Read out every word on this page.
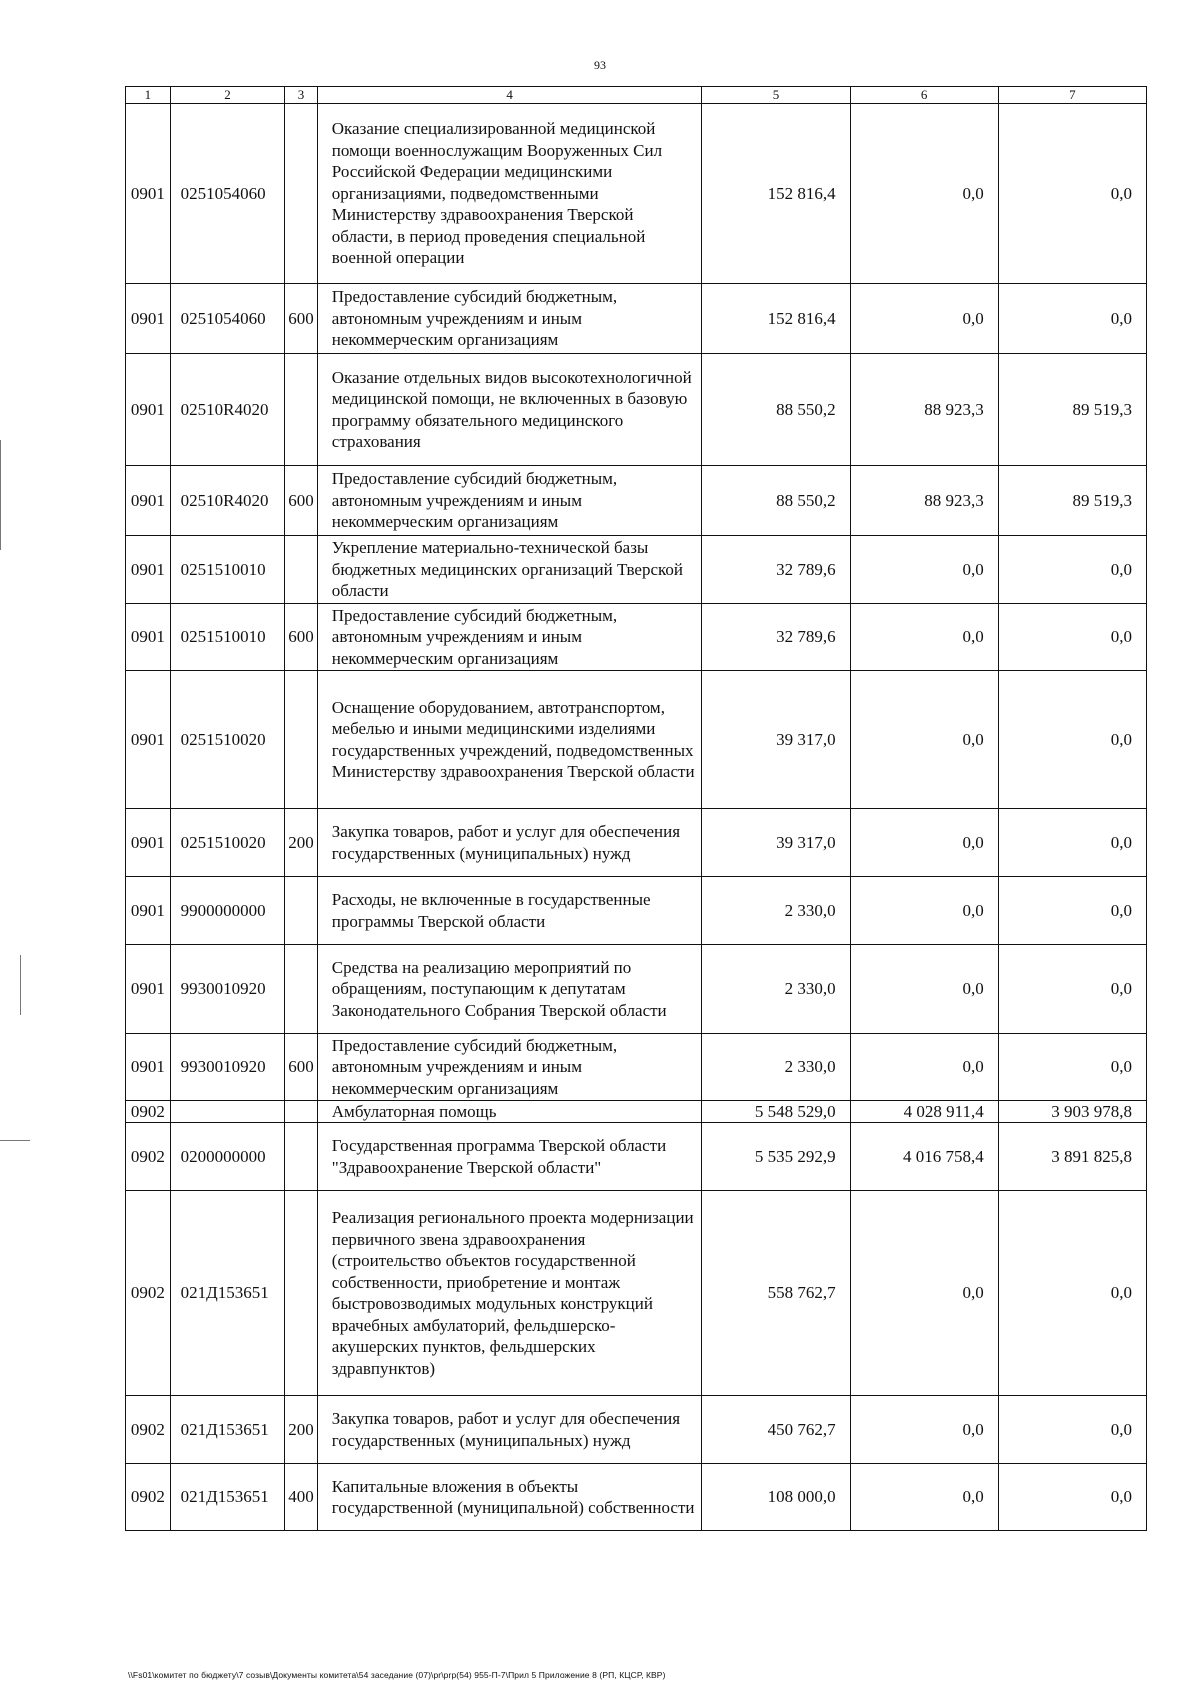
93
1	2	3	4	5	6	7
0901	0251054060		Оказание специализированной медицинской помощи военнослужащим Вооруженных Сил Российской Федерации медицинскими организациями, подведомственными Министерству здравоохранения Тверской области, в период проведения специальной военной операции	152 816,4	0,0	0,0
0901	0251054060	600	Предоставление субсидий бюджетным, автономным учреждениям и иным некоммерческим организациям	152 816,4	0,0	0,0
0901	02510R4020		Оказание отдельных видов высокотехнологичной медицинской помощи, не включенных в базовую программу обязательного медицинского страхования	88 550,2	88 923,3	89 519,3
0901	02510R4020	600	Предоставление субсидий бюджетным, автономным учреждениям и иным некоммерческим организациям	88 550,2	88 923,3	89 519,3
0901	0251510010		Укрепление материально-технической базы бюджетных медицинских организаций Тверской области	32 789,6	0,0	0,0
0901	0251510010	600	Предоставление субсидий бюджетным, автономным учреждениям и иным некоммерческим организациям	32 789,6	0,0	0,0
0901	0251510020		Оснащение оборудованием, автотранспортом, мебелью и иными медицинскими изделиями государственных учреждений, подведомственных Министерству здравоохранения Тверской области	39 317,0	0,0	0,0
0901	0251510020	200	Закупка товаров, работ и услуг для обеспечения государственных (муниципальных) нужд	39 317,0	0,0	0,0
0901	9900000000		Расходы, не включенные в государственные программы Тверской области	2 330,0	0,0	0,0
0901	9930010920		Средства на реализацию мероприятий по обращениям, поступающим к депутатам Законодательного Собрания Тверской области	2 330,0	0,0	0,0
0901	9930010920	600	Предоставление субсидий бюджетным, автономным учреждениям и иным некоммерческим организациям	2 330,0	0,0	0,0
0902			Амбулаторная помощь	5 548 529,0	4 028 911,4	3 903 978,8
0902	0200000000		Государственная программа Тверской области "Здравоохранение Тверской области"	5 535 292,9	4 016 758,4	3 891 825,8
0902	021Д153651		Реализация регионального проекта модернизации первичного звена здравоохранения (строительство объектов государственной собственности, приобретение и монтаж быстровозводимых модульных конструкций врачебных амбулаторий, фельдшерско-акушерских пунктов, фельдшерских здравпунктов)	558 762,7	0,0	0,0
0902	021Д153651	200	Закупка товаров, работ и услуг для обеспечения государственных (муниципальных) нужд	450 762,7	0,0	0,0
0902	021Д153651	400	Капитальные вложения в объекты государственной (муниципальной) собственности	108 000,0	0,0	0,0
\\Fs01\комитет по бюджету\7 созыв\Документы комитета\54 заседание (07)\pr\prp(54) 955-П-7\Прил 5 Приложение 8 (РП, КЦСР, КВР)
